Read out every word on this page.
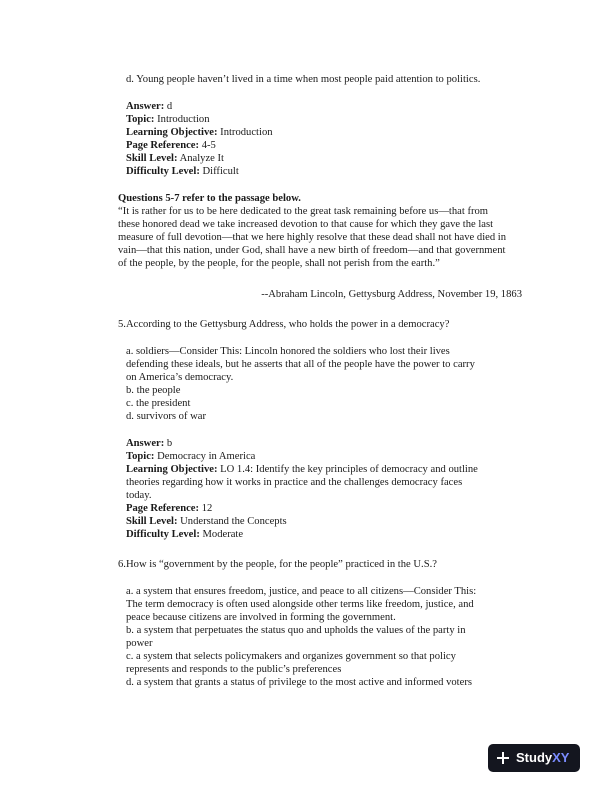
d. Young people haven’t lived in a time when most people paid attention to politics.
Answer: d
Topic: Introduction
Learning Objective: Introduction
Page Reference: 4-5
Skill Level: Analyze It
Difficulty Level: Difficult
Questions 5-7 refer to the passage below.
“It is rather for us to be here dedicated to the great task remaining before us—that from
these honored dead we take increased devotion to that cause for which they gave the last
measure of full devotion—that we here highly resolve that these dead shall not have died in
vain—that this nation, under God, shall have a new birth of freedom—and that government
of the people, by the people, for the people, shall not perish from the earth.”
--Abraham Lincoln, Gettysburg Address, November 19, 1863
5. According to the Gettysburg Address, who holds the power in a democracy?
a. soldiers—Consider This: Lincoln honored the soldiers who lost their lives
defending these ideals, but he asserts that all of the people have the power to carry
on America’s democracy.
b. the people
c. the president
d. survivors of war
Answer: b
Topic: Democracy in America
Learning Objective: LO 1.4: Identify the key principles of democracy and outline
theories regarding how it works in practice and the challenges democracy faces
today.
Page Reference: 12
Skill Level: Understand the Concepts
Difficulty Level: Moderate
6. How is “government by the people, for the people” practiced in the U.S.?
a. a system that ensures freedom, justice, and peace to all citizens—Consider This:
The term democracy is often used alongside other terms like freedom, justice, and
peace because citizens are involved in forming the government.
b. a system that perpetuates the status quo and upholds the values of the party in
power
c. a system that selects policymakers and organizes government so that policy
represents and responds to the public’s preferences
d. a system that grants a status of privilege to the most active and informed voters
StudyXY
